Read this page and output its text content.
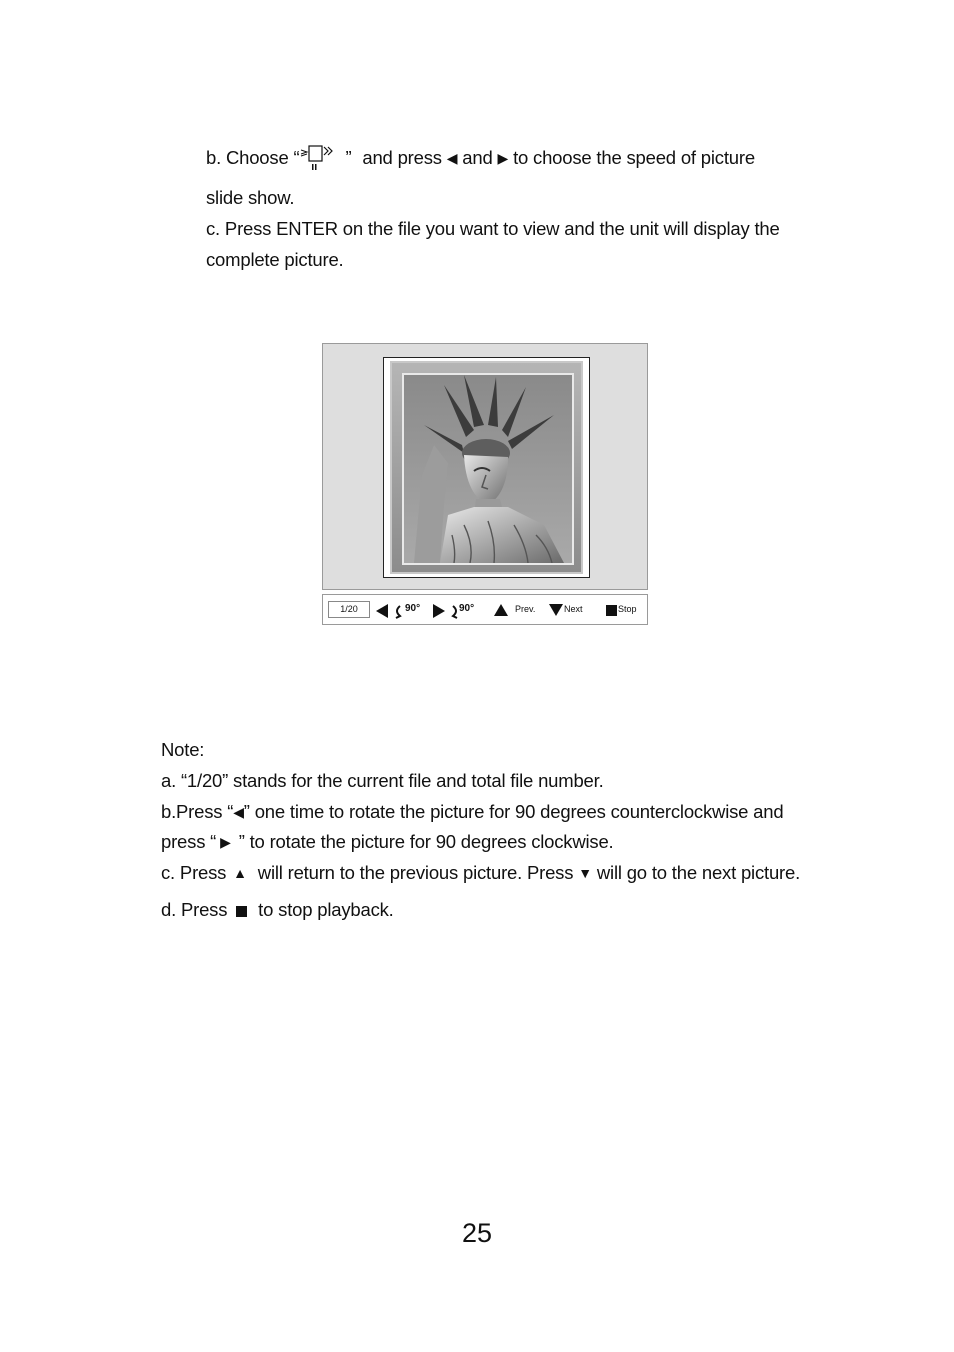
b. Choose “ ” and press ◀ and ▶ to choose the speed of picture
slide show.
c. Press ENTER on the file you want to view and the unit will display the
complete picture.
1/20	90°	90°	Prev.	Next	Stop
Note:
a. “1/20” stands for the current file and total file number.
b.Press “◀” one time to rotate the picture for 90 degrees counterclockwise and
press “ ▶ ” to rotate the picture for 90 degrees clockwise.
c. Press ▲ will return to the previous picture. Press ▼ will go to the next picture.
d. Press to stop playback.
25
